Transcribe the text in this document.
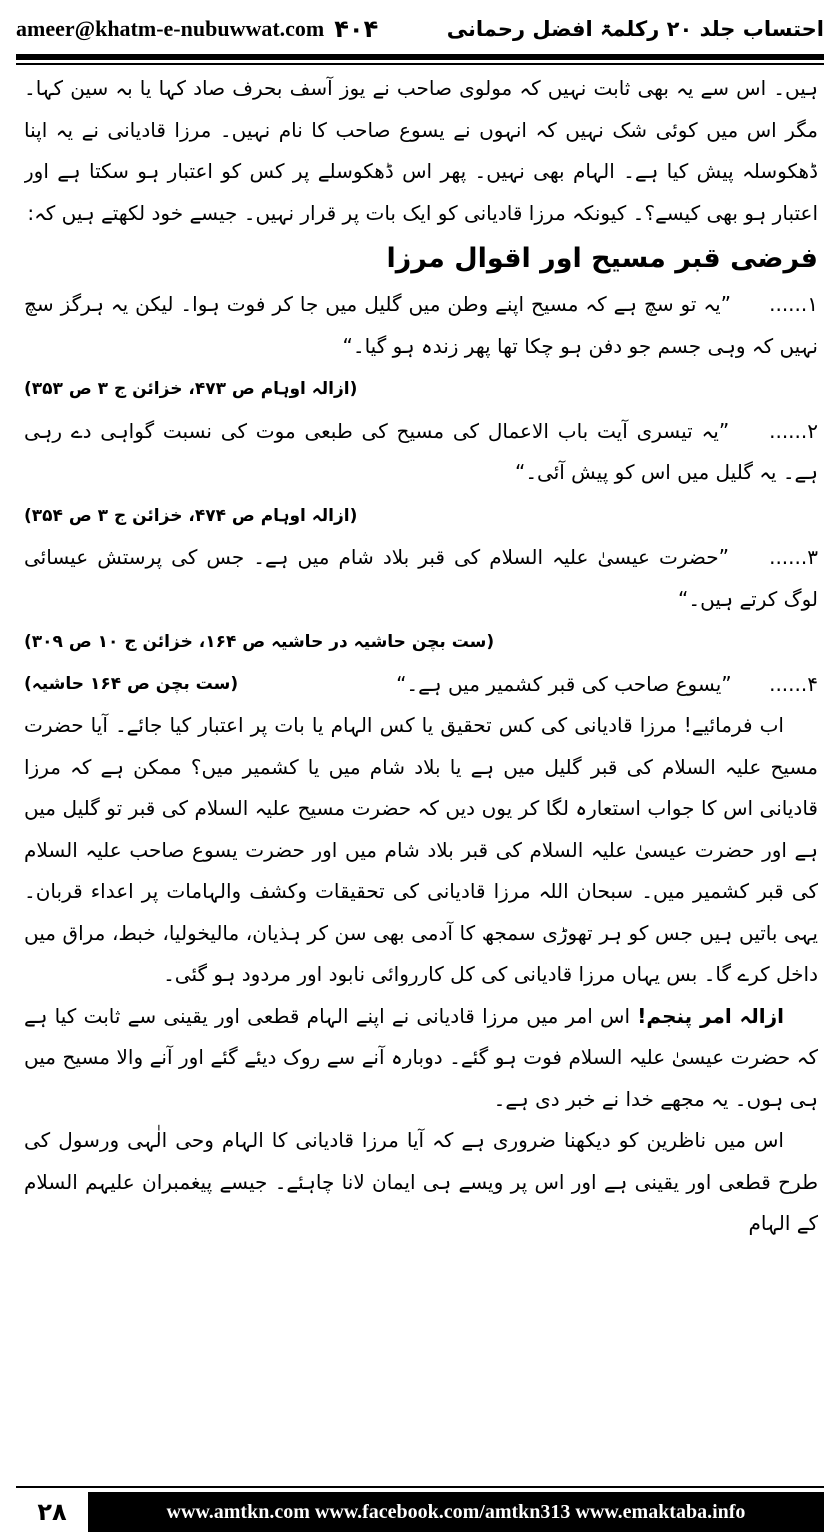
ameer@khatm-e-nubuwwat.com ۴۰۴	احتساب جلد ۲۰ رکلمۃ افضل رحمانی

ہیں۔ اس سے یہ بھی ثابت نہیں کہ مولوی صاحب نے یوز آسف بحرف صاد کہا یا بہ سین کہا۔ مگر اس میں کوئی شک نہیں کہ انہوں نے یسوع صاحب کا نام نہیں۔ مرزا قادیانی نے یہ اپنا ڈھکوسلہ پیش کیا ہے۔ الہام بھی نہیں۔ پھر اس ڈھکوسلے پر کس کو اعتبار ہو سکتا ہے اور اعتبار ہو بھی کیسے؟۔ کیونکہ مرزا قادیانی کو ایک بات پر قرار نہیں۔ جیسے خود لکھتے ہیں کہ:

فرضی قبر مسیح اور اقوال مرزا

۱...... ”یہ تو سچ ہے کہ مسیح اپنے وطن میں گلیل میں جا کر فوت ہوا۔ لیکن یہ ہرگز سچ نہیں کہ وہی جسم جو دفن ہو چکا تھا پھر زندہ ہو گیا۔“

(ازالہ اوہام ص ۴۷۳، خزائن ج ۳ ص ۳۵۳)

۲...... ”یہ تیسری آیت باب الاعمال کی مسیح کی طبعی موت کی نسبت گواہی دے رہی ہے۔ یہ گلیل میں اس کو پیش آئی۔“

(ازالہ اوہام ص ۴۷۴، خزائن ج ۳ ص ۳۵۴)

۳...... ”حضرت عیسیٰ علیہ السلام کی قبر بلاد شام میں ہے۔ جس کی پرستش عیسائی لوگ کرتے ہیں۔“

(ست بچن حاشیہ در حاشیہ ص ۱۶۴، خزائن ج ۱۰ ص ۳۰۹)

۴...... ”یسوع صاحب کی قبر کشمیر میں ہے۔“
(ست بچن ص ۱۶۴ حاشیہ)

اب فرمائیے! مرزا قادیانی کی کس تحقیق یا کس الہام یا بات پر اعتبار کیا جائے۔ آیا حضرت مسیح علیہ السلام کی قبر گلیل میں ہے یا بلاد شام میں یا کشمیر میں؟ ممکن ہے کہ مرزا قادیانی اس کا جواب استعارہ لگا کر یوں دیں کہ حضرت مسیح علیہ السلام کی قبر تو گلیل میں ہے اور حضرت عیسیٰ علیہ السلام کی قبر بلاد شام میں اور حضرت یسوع صاحب علیہ السلام کی قبر کشمیر میں۔ سبحان اللہ مرزا قادیانی کی تحقیقات وکشف والہامات پر اعداء قربان۔ یہی باتیں ہیں جس کو ہر تھوڑی سمجھ کا آدمی بھی سن کر ہذیان، مالیخولیا، خبط، مراق میں داخل کرے گا۔ بس یہاں مرزا قادیانی کی کل کارروائی نابود اور مردود ہو گئی۔

ازالہ امر پنجم! اس امر میں مرزا قادیانی نے اپنے الہام قطعی اور یقینی سے ثابت کیا ہے کہ حضرت عیسیٰ علیہ السلام فوت ہو گئے۔ دوبارہ آنے سے روک دیئے گئے اور آنے والا مسیح میں ہی ہوں۔ یہ مجھے خدا نے خبر دی ہے۔

اس میں ناظرین کو دیکھنا ضروری ہے کہ آیا مرزا قادیانی کا الہام وحی الٰہی ورسول کی طرح قطعی اور یقینی ہے اور اس پر ویسے ہی ایمان لانا چاہئے۔ جیسے پیغمبران علیہم السلام کے الہام

۲۸	www.amtkn.com www.facebook.com/amtkn313 www.emaktaba.info
